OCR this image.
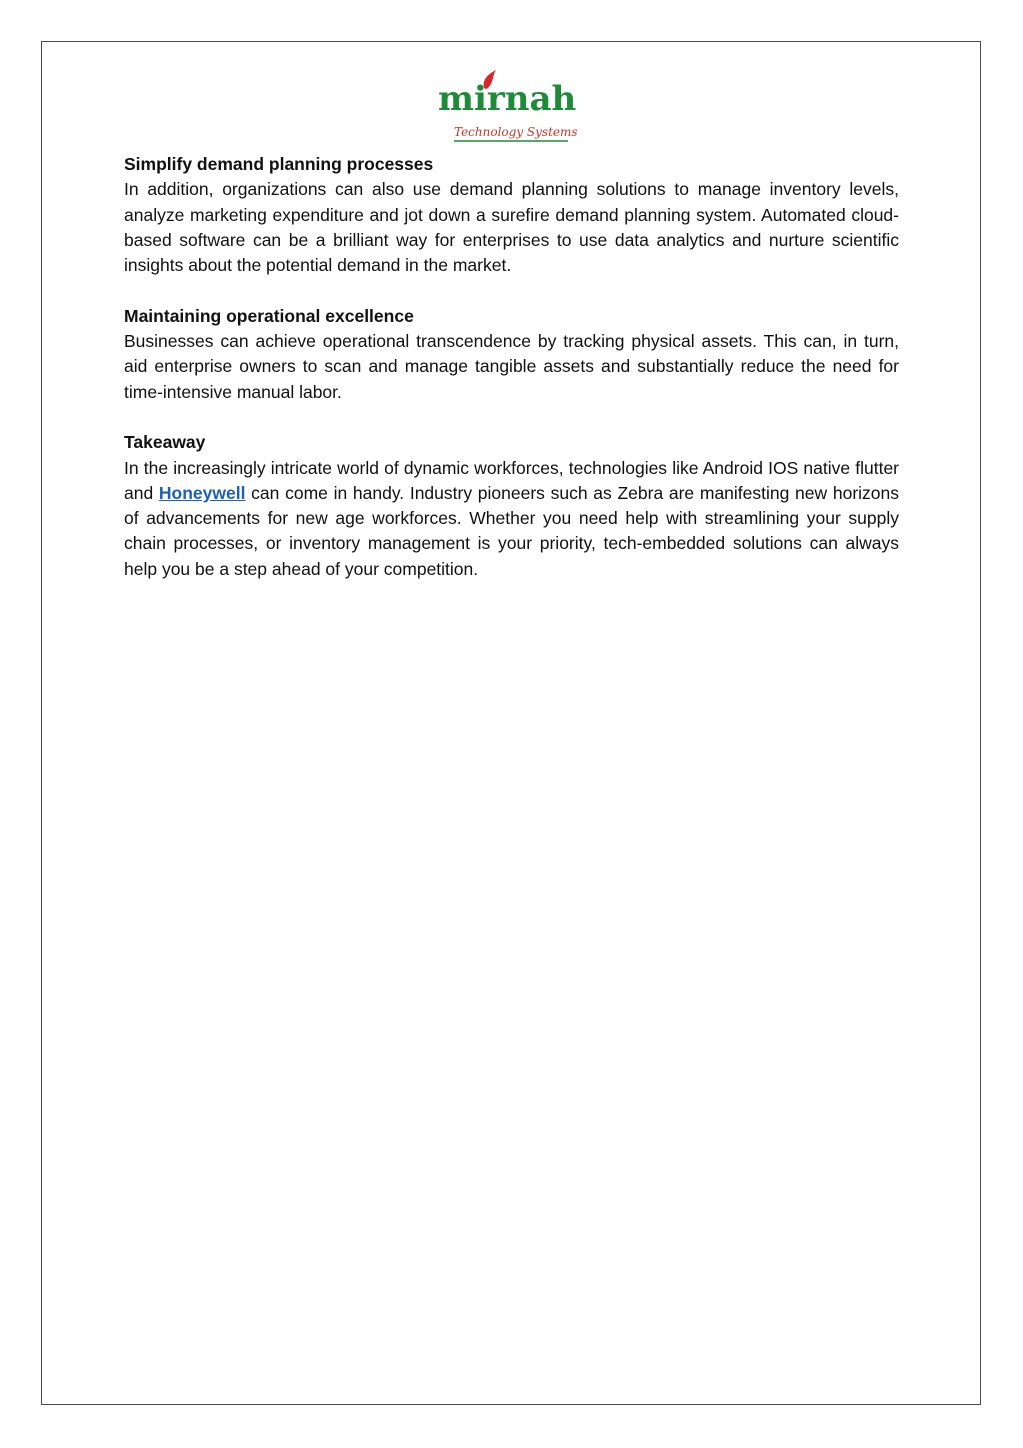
mirnah
Technology Systems

Simplify demand planning processes

In addition, organizations can also use demand planning solutions to manage inventory levels, analyze marketing expenditure and jot down a surefire demand planning system. Automated cloud-based software can be a brilliant way for enterprises to use data analytics and nurture scientific insights about the potential demand in the market.

Maintaining operational excellence

Businesses can achieve operational transcendence by tracking physical assets. This can, in turn, aid enterprise owners to scan and manage tangible assets and substantially reduce the need for time-intensive manual labor.

Takeaway

In the increasingly intricate world of dynamic workforces, technologies like Android IOS native flutter and Honeywell can come in handy. Industry pioneers such as Zebra are manifesting new horizons of advancements for new age workforces. Whether you need help with streamlining your supply chain processes, or inventory management is your priority, tech-embedded solutions can always help you be a step ahead of your competition.
